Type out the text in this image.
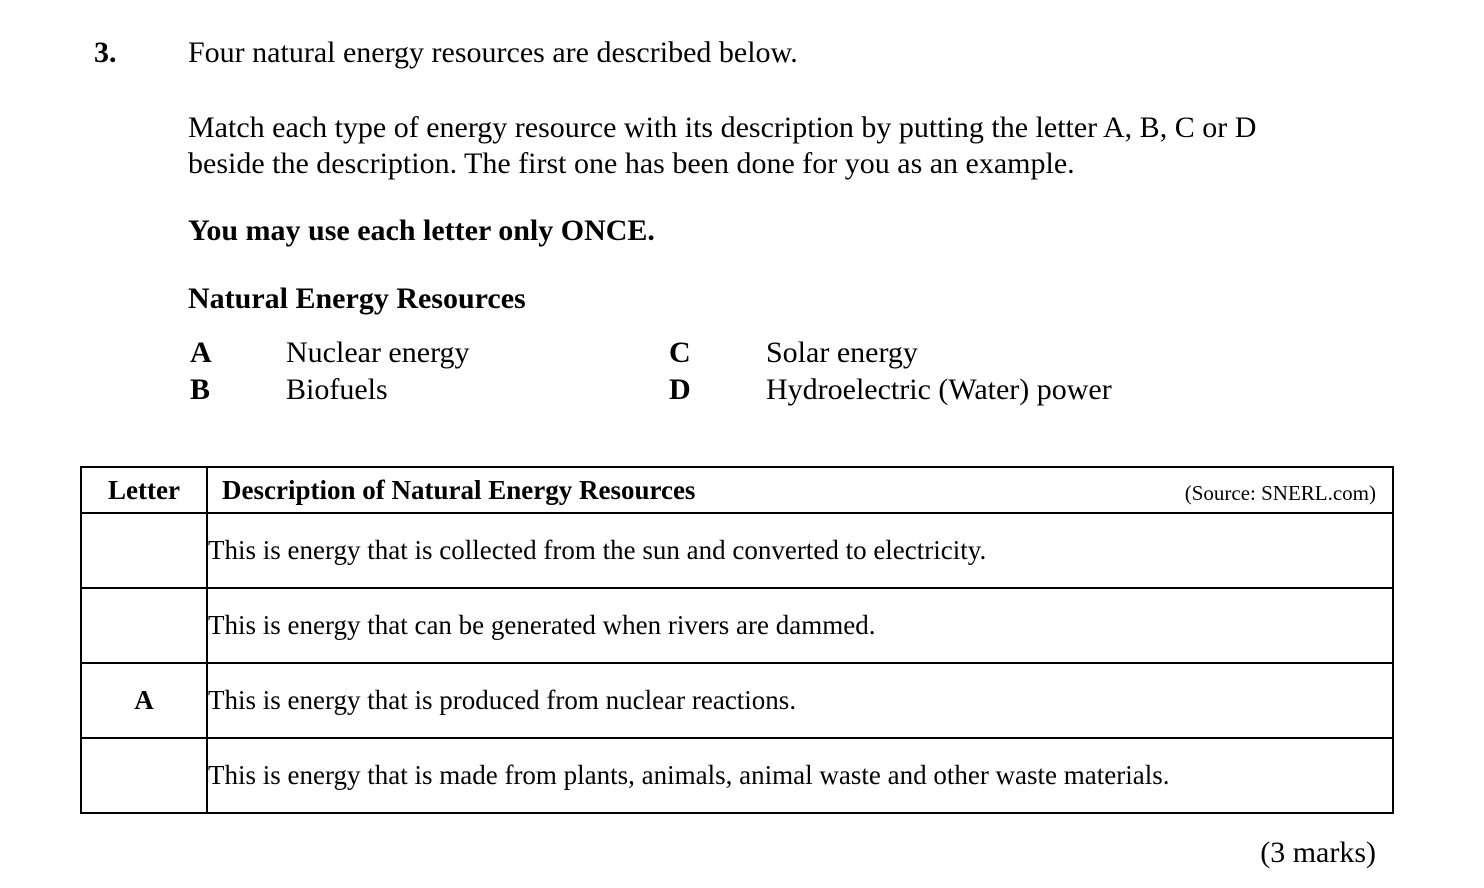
3. Four natural energy resources are described below.
Match each type of energy resource with its description by putting the letter A, B, C or D
beside the description. The first one has been done for you as an example.
You may use each letter only ONCE.
Natural Energy Resources
A Nuclear energy
B	Biofuels
C	Solar energy
D	Hydroelectric (Water) power
Letter	Description of Natural Energy Resources (Source: SNERL.com)

	This is energy that is collected from the sun and converted to electricity.
	This is energy that can be generated when rivers are dammed.
A	This is energy that is produced from nuclear reactions.
	This is energy that is made from plants, animals, animal waste and other waste materials.
(3 marks)
